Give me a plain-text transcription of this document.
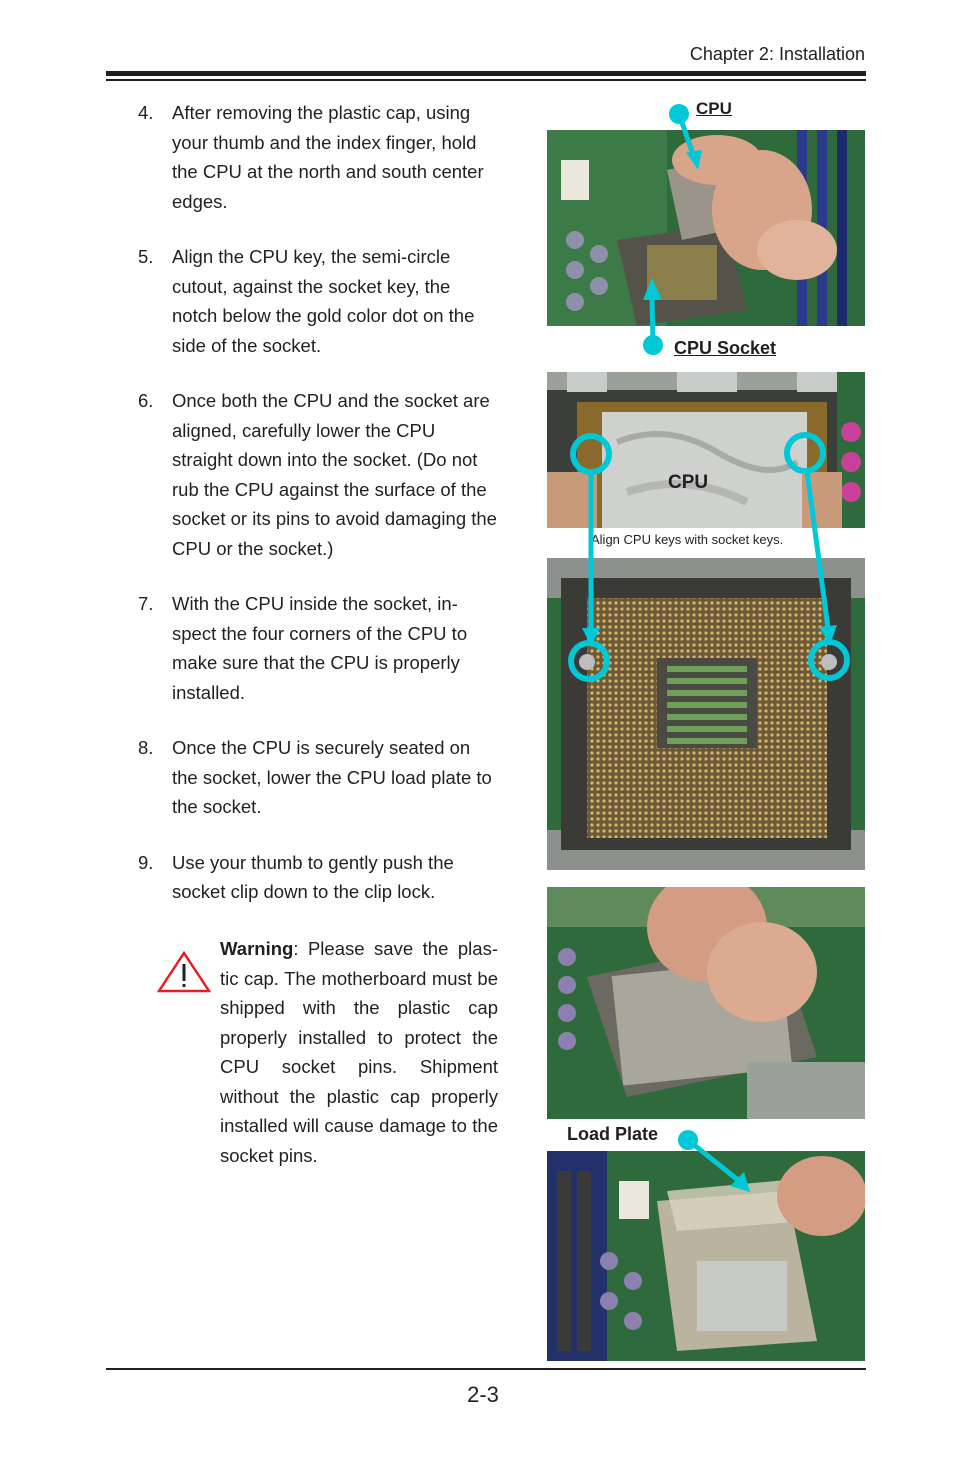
Chapter 2: Installation
4. After removing the plastic cap, using your thumb and the index finger, hold the CPU at the north and south center edges.
5. Align the CPU key, the semi-circle cutout, against the socket key, the notch below the gold color dot on the side of the socket.
6. Once both the CPU and the socket are aligned, carefully lower the CPU straight down into the socket. (Do not rub the CPU against the surface of the socket or its pins to avoid damaging the CPU or the socket.)
7. With the CPU inside the socket, in-spect the four corners of the CPU to make sure that the CPU is properly installed.
8. Once the CPU is securely seated on the socket, lower the CPU load plate to the socket.
9. Use your thumb to gently push the socket clip down to the clip lock.
Warning: Please save the plas-tic cap. The motherboard must be shipped with the plastic cap properly installed to protect the CPU socket pins. Shipment without the plastic cap properly installed will cause damage to the socket pins.
CPU
CPU Socket
CPU
Align CPU keys with socket keys.
Load Plate
2-3
